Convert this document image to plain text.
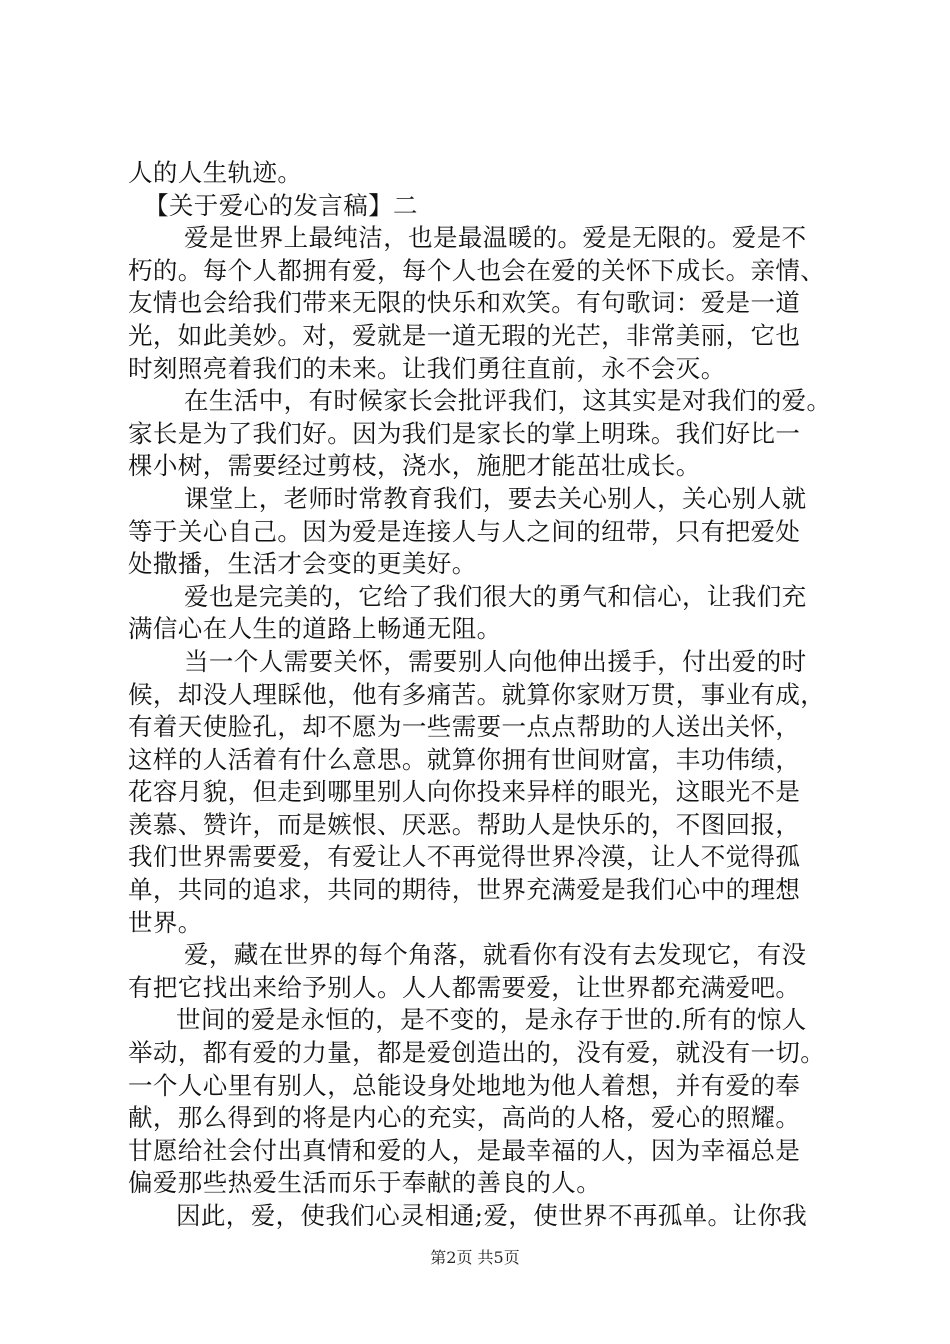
人的人生轨迹。
【关于爱心的发言稿】二
爱是世界上最纯洁，也是最温暖的。爱是无限的。爱是不
朽的。每个人都拥有爱，每个人也会在爱的关怀下成长。亲情、
友情也会给我们带来无限的快乐和欢笑。有句歌词：爱是一道
光，如此美妙。对，爱就是一道无瑕的光芒，非常美丽，它也
时刻照亮着我们的未来。让我们勇往直前，永不会灭。
在生活中，有时候家长会批评我们，这其实是对我们的爱。
家长是为了我们好。因为我们是家长的掌上明珠。我们好比一
棵小树，需要经过剪枝，浇水，施肥才能茁壮成长。
课堂上，老师时常教育我们，要去关心别人，关心别人就
等于关心自己。因为爱是连接人与人之间的纽带，只有把爱处
处撒播，生活才会变的更美好。
爱也是完美的，它给了我们很大的勇气和信心，让我们充
满信心在人生的道路上畅通无阻。
当一个人需要关怀，需要别人向他伸出援手，付出爱的时
候，却没人理睬他，他有多痛苦。就算你家财万贯，事业有成，
有着天使脸孔，却不愿为一些需要一点点帮助的人送出关怀，
这样的人活着有什么意思。就算你拥有世间财富，丰功伟绩，
花容月貌，但走到哪里别人向你投来异样的眼光，这眼光不是
羡慕、赞许，而是嫉恨、厌恶。帮助人是快乐的，不图回报，
我们世界需要爱，有爱让人不再觉得世界冷漠，让人不觉得孤
单，共同的追求，共同的期待，世界充满爱是我们心中的理想
世界。
爱，藏在世界的每个角落，就看你有没有去发现它，有没
有把它找出来给予别人。人人都需要爱，让世界都充满爱吧。
世间的爱是永恒的，是不变的，是永存于世的.所有的惊人
举动，都有爱的力量，都是爱创造出的，没有爱，就没有一切。
一个人心里有别人，总能设身处地地为他人着想，并有爱的奉
献，那么得到的将是内心的充实，高尚的人格，爱心的照耀。
甘愿给社会付出真情和爱的人，是最幸福的人，因为幸福总是
偏爱那些热爱生活而乐于奉献的善良的人。
因此，爱，使我们心灵相通;爱，使世界不再孤单。让你我
第2页 共5页
